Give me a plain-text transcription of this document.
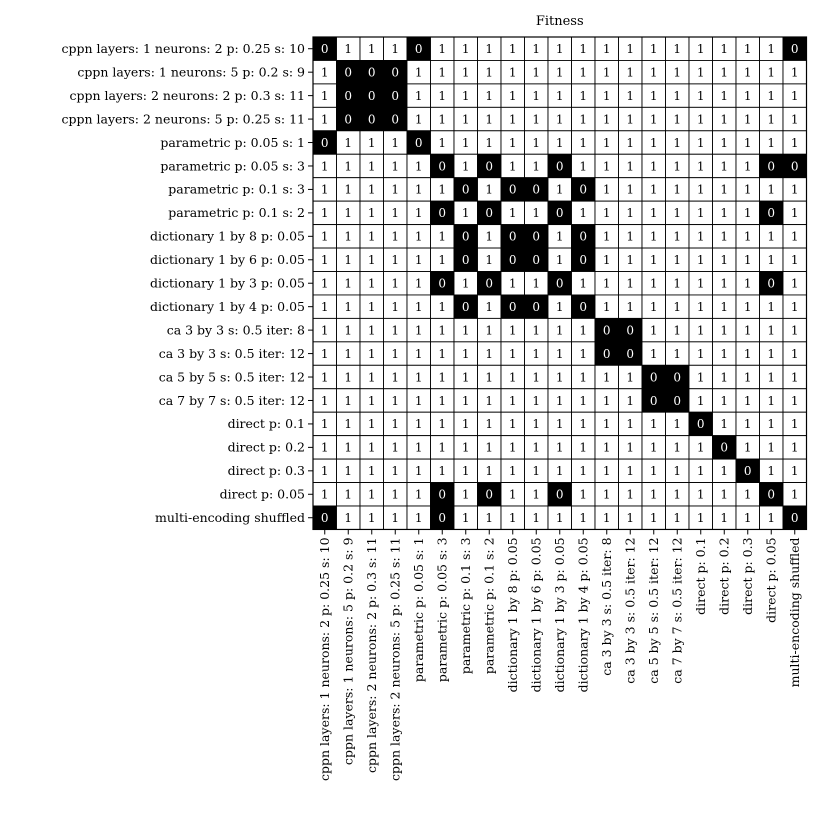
Fitness
0 1 1 1 0 1 1 1 1 1 1 1 1 1 1 1 1 1 1 1 0
1 0 0 0 1 1 1 1 1 1 1 1 1 1 1 1 1 1 1 1 1
1 0 0 0 1 1 1 1 1 1 1 1 1 1 1 1 1 1 1 1 1
1 0 0 0 1 1 1 1 1 1 1 1 1 1 1 1 1 1 1 1 1
0 1 1 1 0 1 1 1 1 1 1 1 1 1 1 1 1 1 1 1 1
1 1 1 1 1 0 1 0 1 1 0 1 1 1 1 1 1 1 1 0 0
1 1 1 1 1 1 0 1 0 0 1 0 1 1 1 1 1 1 1 1 1
1 1 1 1 1 0 1 0 1 1 0 1 1 1 1 1 1 1 1 0 1
1 1 1 1 1 1 0 1 0 0 1 0 1 1 1 1 1 1 1 1 1
1 1 1 1 1 1 0 1 0 0 1 0 1 1 1 1 1 1 1 1 1
1 1 1 1 1 0 1 0 1 1 0 1 1 1 1 1 1 1 1 0 1
1 1 1 1 1 1 0 1 0 0 1 0 1 1 1 1 1 1 1 1 1
1 1 1 1 1 1 1 1 1 1 1 1 0 0 1 1 1 1 1 1 1
1 1 1 1 1 1 1 1 1 1 1 1 0 0 1 1 1 1 1 1 1
1 1 1 1 1 1 1 1 1 1 1 1 1 1 0 0 1 1 1 1 1
1 1 1 1 1 1 1 1 1 1 1 1 1 1 0 0 1 1 1 1 1
1 1 1 1 1 1 1 1 1 1 1 1 1 1 1 1 0 1 1 1 1
1 1 1 1 1 1 1 1 1 1 1 1 1 1 1 1 1 0 1 1 1
1 1 1 1 1 1 1 1 1 1 1 1 1 1 1 1 1 1 0 1 1
1 1 1 1 1 0 1 0 1 1 0 1 1 1 1 1 1 1 1 0 1
0 1 1 1 1 0 1 1 1 1 1 1 1 1 1 1 1 1 1 1 0
cppn layers: 1 neurons: 2 p: 0.25 s: 10
cppn layers: 1 neurons: 5 p: 0.2 s: 9
cppn layers: 2 neurons: 2 p: 0.3 s: 11
cppn layers: 2 neurons: 5 p: 0.25 s: 11
parametric p: 0.05 s: 1
parametric p: 0.05 s: 3
parametric p: 0.1 s: 3
parametric p: 0.1 s: 2
dictionary 1 by 8 p: 0.05
dictionary 1 by 6 p: 0.05
dictionary 1 by 3 p: 0.05
dictionary 1 by 4 p: 0.05
ca 3 by 3 s: 0.5 iter: 8
ca 3 by 3 s: 0.5 iter: 12
ca 5 by 5 s: 0.5 iter: 12
ca 7 by 7 s: 0.5 iter: 12
direct p: 0.1
direct p: 0.2
direct p: 0.3
direct p: 0.05
multi-encoding shuffled
cppn layers: 1 neurons: 2 p: 0.25 s: 10 cppn layers: 1 neurons: 5 p: 0.2 s: 9 cppn layers: 2 neurons: 2 p: 0.3 s: 11 cppn layers: 2 neurons: 5 p: 0.25 s: 11 parametric p: 0.05 s: 1 parametric p: 0.05 s: 3 parametric p: 0.1 s: 3 parametric p: 0.1 s: 2 dictionary 1 by 8 p: 0.05 dictionary 1 by 6 p: 0.05 dictionary 1 by 3 p: 0.05 dictionary 1 by 4 p: 0.05 ca 3 by 3 s: 0.5 iter: 8 ca 3 by 3 s: 0.5 iter: 12 ca 5 by 5 s: 0.5 iter: 12 ca 7 by 7 s: 0.5 iter: 12 direct p: 0.1 direct p: 0.2 direct p: 0.3 direct p: 0.05 multi-encoding shuffled
